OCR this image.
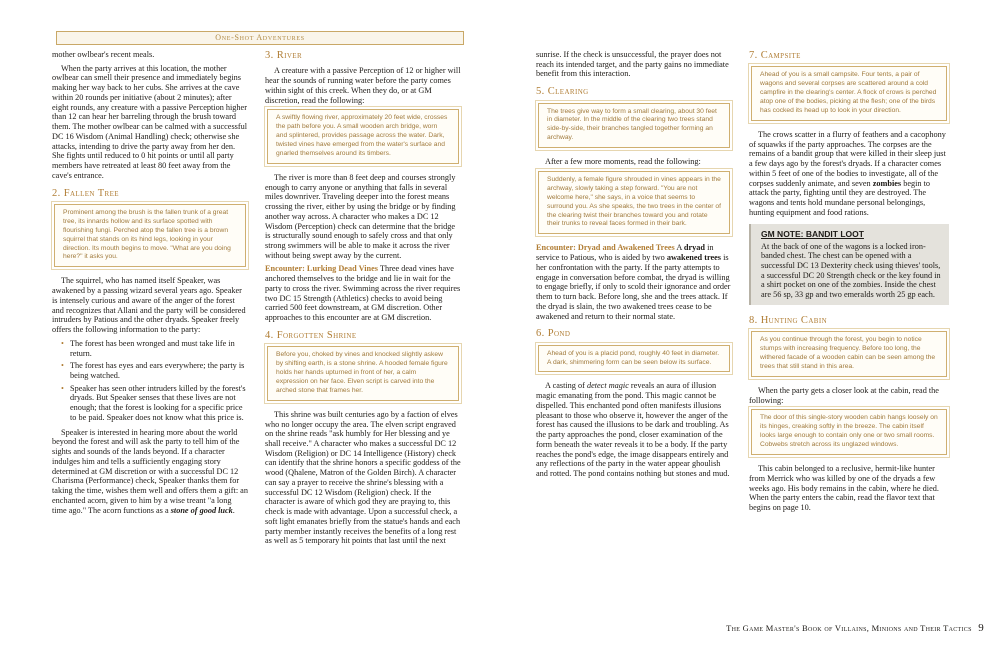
One-Shot Adventures

mother owlbear's recent meals.

When the party arrives at this location, the mother owlbear can smell their presence and immediately begins making her way back to her cubs. She arrives at the cave within 20 rounds per initiative (about 2 minutes); after eight rounds, any creature with a passive Perception higher than 12 can hear her barreling through the brush toward them. The mother owlbear can be calmed with a successful DC 16 Wisdom (Animal Handling) check; otherwise she attacks, intending to drive the party away from her den. She fights until reduced to 0 hit points or until all party members have retreated at least 80 feet away from the cave's entrance.

2. Fallen Tree
Prominent among the brush is the fallen trunk of a great tree, its innards hollow and its surface spotted with flourishing fungi. Perched atop the fallen tree is a brown squirrel that stands on its hind legs, looking in your direction. Its mouth begins to move. "What are you doing here?" it asks you.

The squirrel, who has named itself Speaker, was awakened by a passing wizard several years ago. Speaker is intensely curious and aware of the anger of the forest and recognizes that Allani and the party will be considered intruders by Patious and the other dryads. Speaker freely offers the following information to the party:

• The forest has been wronged and must take life in return.
• The forest has eyes and ears everywhere; the party is being watched.
• Speaker has seen other intruders killed by the forest's dryads. But Speaker senses that these lives are not enough; that the forest is looking for a specific price to be paid. Speaker does not know what this price is.

Speaker is interested in hearing more about the world beyond the forest and will ask the party to tell him of the sights and sounds of the lands beyond. If a character indulges him and tells a sufficiently engaging story determined at GM discretion or with a successful DC 12 Charisma (Performance) check, Speaker thanks them for taking the time, wishes them well and offers them a gift: an enchanted acorn, given to him by a wise treant "a long time ago." The acorn functions as a stone of good luck.

3. River

A creature with a passive Perception of 12 or higher will hear the sounds of running water before the party comes within sight of this creek. When they do, or at GM discretion, read the following:

A swiftly flowing river, approximately 20 feet wide, crosses the path before you. A small wooden arch bridge, worn and splintered, provides passage across the water. Dark, twisted vines have emerged from the water's surface and gnarled themselves around its timbers.

The river is more than 8 feet deep and courses strongly enough to carry anyone or anything that falls in several miles downriver. Traveling deeper into the forest means crossing the river, either by using the bridge or by finding another way across. A character who makes a DC 12 Wisdom (Perception) check can determine that the bridge is structurally sound enough to safely cross and that only strong swimmers will be able to make it across the river without being swept away by the current.

Encounter: Lurking Dead Vines Three dead vines have anchored themselves to the bridge and lie in wait for the party to cross the river. Swimming across the river requires two DC 15 Strength (Athletics) checks to avoid being carried 500 feet downstream, at GM discretion. Other approaches to this encounter are at GM discretion.

4. Forgotten Shrine
Before you, choked by vines and knocked slightly askew by shifting earth, is a stone shrine. A hooded female figure holds her hands upturned in front of her, a calm expression on her face. Elven script is carved into the arched stone that frames her.

This shrine was built centuries ago by a faction of elves who no longer occupy the area. The elven script engraved on the shrine reads "ask humbly for Her blessing and ye shall receive." A character who makes a successful DC 12 Wisdom (Religion) or DC 14 Intelligence (History) check can identify that the shrine honors a specific goddess of the wood (Qhalene, Matron of the Golden Birch). A character can say a prayer to receive the shrine's blessing with a successful DC 12 Wisdom (Religion) check. If the character is aware of which god they are praying to, this check is made with advantage. Upon a successful check, a soft light emanates briefly from the statue's hands and each party member instantly receives the benefits of a long rest as well as 5 temporary hit points that last until the next

sunrise. If the check is unsuccessful, the prayer does not reach its intended target, and the party gains no immediate benefit from this interaction.

5. Clearing
The trees give way to form a small clearing, about 30 feet in diameter. In the middle of the clearing two trees stand side-by-side, their branches tangled together forming an archway.

After a few more moments, read the following:

Suddenly, a female figure shrouded in vines appears in the archway, slowly taking a step forward. "You are not welcome here," she says, in a voice that seems to surround you. As she speaks, the two trees in the center of the clearing twist their branches toward you and rotate their trunks to reveal faces formed in their bark.

Encounter: Dryad and Awakened Trees A dryad in service to Patious, who is aided by two awakened trees is her confrontation with the party. If the party attempts to engage in conversation before combat, the dryad is willing to engage briefly, if only to scold their ignorance and order them to turn back. Before long, she and the trees attack. If the dryad is slain, the two awakened trees cease to be awakened and return to their normal state.

6. Pond
Ahead of you is a placid pond, roughly 40 feet in diameter. A dark, shimmering form can be seen below its surface.

A casting of detect magic reveals an aura of illusion magic emanating from the pond. This magic cannot be dispelled. This enchanted pond often manifests illusions pleasant to those who observe it, however the anger of the forest has caused the illusions to be dark and troubling. As the party approaches the pond, closer examination of the form beneath the water reveals it to be a body. If the party reaches the pond's edge, the image disappears entirely and any reflections of the party in the water appear ghoulish and rotted. The pond contains nothing but stones and mud.

7. Campsite
Ahead of you is a small campsite. Four tents, a pair of wagons and several corpses are scattered around a cold campfire in the clearing's center. A flock of crows is perched atop one of the bodies, picking at the flesh; one of the birds has cocked its head up to look in your direction.

The crows scatter in a flurry of feathers and a cacophony of squawks if the party approaches. The corpses are the remains of a bandit group that were killed in their sleep just a few days ago by the forest's dryads. If a character comes within 5 feet of one of the bodies to investigate, all of the corpses suddenly animate, and seven zombies begin to attack the party, fighting until they are destroyed. The wagons and tents hold mundane personal belongings, hunting equipment and food rations.

GM NOTE: BANDIT LOOT
At the back of one of the wagons is a locked iron-banded chest. The chest can be opened with a successful DC 13 Dexterity check using thieves' tools, a successful DC 20 Strength check or the key found in a shirt pocket on one of the zombies. Inside the chest are 56 sp, 33 gp and two emeralds worth 25 gp each.
8. Hunting Cabin
As you continue through the forest, you begin to notice stumps with increasing frequency. Before too long, the withered facade of a wooden cabin can be seen among the trees that still stand in this area.

When the party gets a closer look at the cabin, read the following:

The door of this single-story wooden cabin hangs loosely on its hinges, creaking softly in the breeze. The cabin itself looks large enough to contain only one or two small rooms. Cobwebs stretch across its unglazed windows.

This cabin belonged to a reclusive, hermit-like hunter from Merrick who was killed by one of the dryads a few weeks ago. His body remains in the cabin, where he died. When the party enters the cabin, read the flavor text that begins on page 10.

The Game Master's Book of Villains, Minions and Their Tactics 9
